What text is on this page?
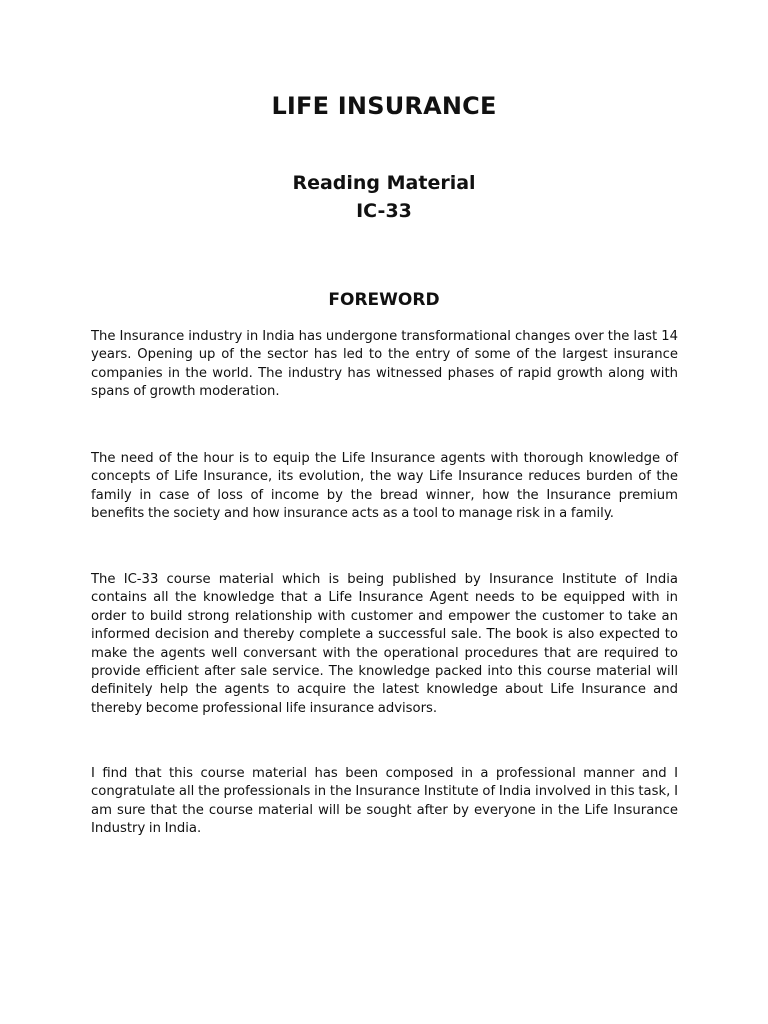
LIFE INSURANCE
Reading Material
IC-33
FOREWORD

The Insurance industry in India has undergone transformational changes over the last 14 years. Opening up of the sector has led to the entry of some of the largest insurance companies in the world. The industry has witnessed phases of rapid growth along with spans of growth moderation.

The need of the hour is to equip the Life Insurance agents with thorough knowledge of concepts of Life Insurance, its evolution, the way Life Insurance reduces burden of the family in case of loss of income by the bread winner, how the Insurance premium benefits the society and how insurance acts as a tool to manage risk in a family.

The IC-33 course material which is being published by Insurance Institute of India contains all the knowledge that a Life Insurance Agent needs to be equipped with in order to build strong relationship with customer and empower the customer to take an informed decision and thereby complete a successful sale. The book is also expected to make the agents well conversant with the operational procedures that are required to provide efficient after sale service. The knowledge packed into this course material will definitely help the agents to acquire the latest knowledge about Life Insurance and thereby become professional life insurance advisors.

I find that this course material has been composed in a professional manner and I congratulate all the professionals in the Insurance Institute of India involved in this task, I am sure that the course material will be sought after by everyone in the Life Insurance Industry in India.
